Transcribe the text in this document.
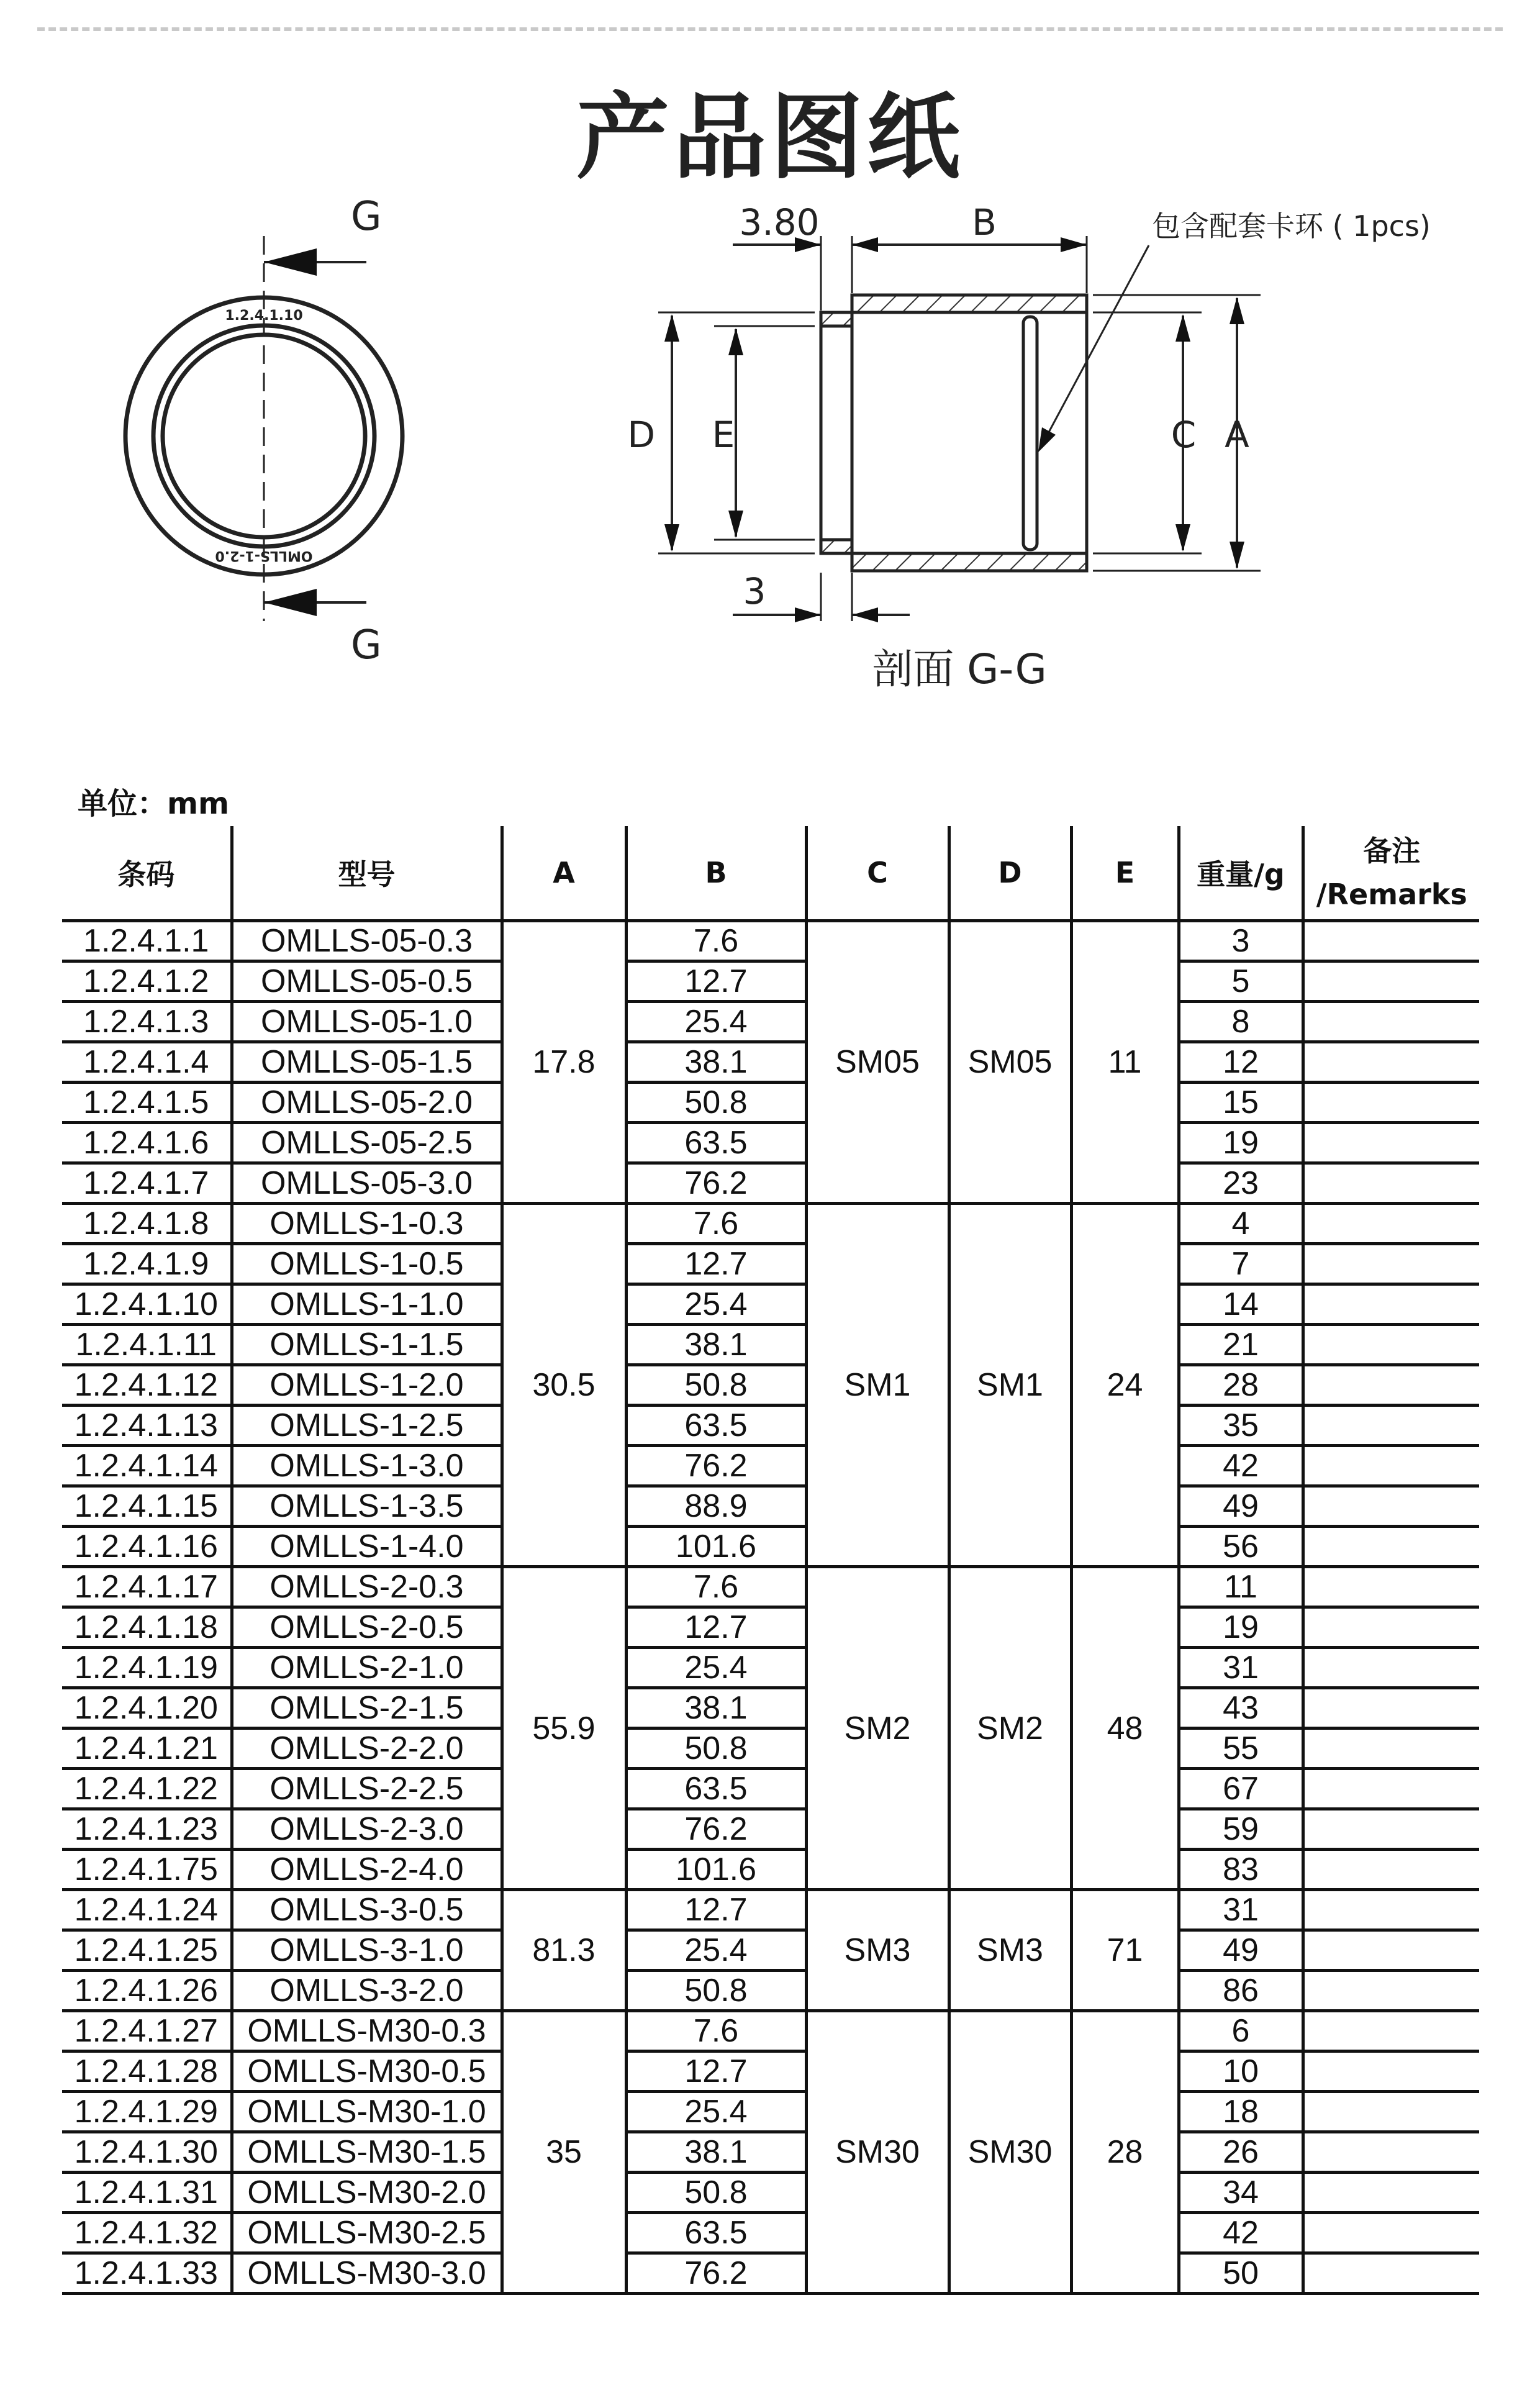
产品图纸
G
G
1.2.4.1.10
OMLLS-1-2.0
3.80	B
D E	C A
3
包含配套卡环 ( 1pcs)
剖面 G-G
单位：mm
条码	型号	A	B	C	D	E	重量/g	备注
/Remarks

1.2.4.1.1	OMLLS-05-0.3	17.8	7.6	SM05	SM05	11	3	
1.2.4.1.2	OMLLS-05-0.5		12.7				5	
1.2.4.1.3	OMLLS-05-1.0		25.4				8	
1.2.4.1.4	OMLLS-05-1.5		38.1				12	
1.2.4.1.5	OMLLS-05-2.0		50.8				15	
1.2.4.1.6	OMLLS-05-2.5		63.5				19	
1.2.4.1.7	OMLLS-05-3.0		76.2				23	
1.2.4.1.8	OMLLS-1-0.3	30.5	7.6	SM1	SM1	24	4	
1.2.4.1.9	OMLLS-1-0.5		12.7				7	
1.2.4.1.10	OMLLS-1-1.0		25.4				14	
1.2.4.1.11	OMLLS-1-1.5		38.1				21	
1.2.4.1.12	OMLLS-1-2.0		50.8				28	
1.2.4.1.13	OMLLS-1-2.5		63.5				35	
1.2.4.1.14	OMLLS-1-3.0		76.2				42	
1.2.4.1.15	OMLLS-1-3.5		88.9				49	
1.2.4.1.16	OMLLS-1-4.0		101.6				56	
1.2.4.1.17	OMLLS-2-0.3	55.9	7.6	SM2	SM2	48	11	
1.2.4.1.18	OMLLS-2-0.5		12.7				19	
1.2.4.1.19	OMLLS-2-1.0		25.4				31	
1.2.4.1.20	OMLLS-2-1.5		38.1				43	
1.2.4.1.21	OMLLS-2-2.0		50.8				55	
1.2.4.1.22	OMLLS-2-2.5		63.5				67	
1.2.4.1.23	OMLLS-2-3.0		76.2				59	
1.2.4.1.75	OMLLS-2-4.0		101.6				83	
1.2.4.1.24	OMLLS-3-0.5	81.3	12.7	SM3	SM3	71	31	
1.2.4.1.25	OMLLS-3-1.0		25.4				49	
1.2.4.1.26	OMLLS-3-2.0		50.8				86	
1.2.4.1.27	OMLLS-M30-0.3	35	7.6	SM30	SM30	28	6	
1.2.4.1.28	OMLLS-M30-0.5		12.7				10	
1.2.4.1.29	OMLLS-M30-1.0		25.4				18	
1.2.4.1.30	OMLLS-M30-1.5		38.1				26	
1.2.4.1.31	OMLLS-M30-2.0		50.8				34	
1.2.4.1.32	OMLLS-M30-2.5		63.5				42	
1.2.4.1.33	OMLLS-M30-3.0		76.2				50	
